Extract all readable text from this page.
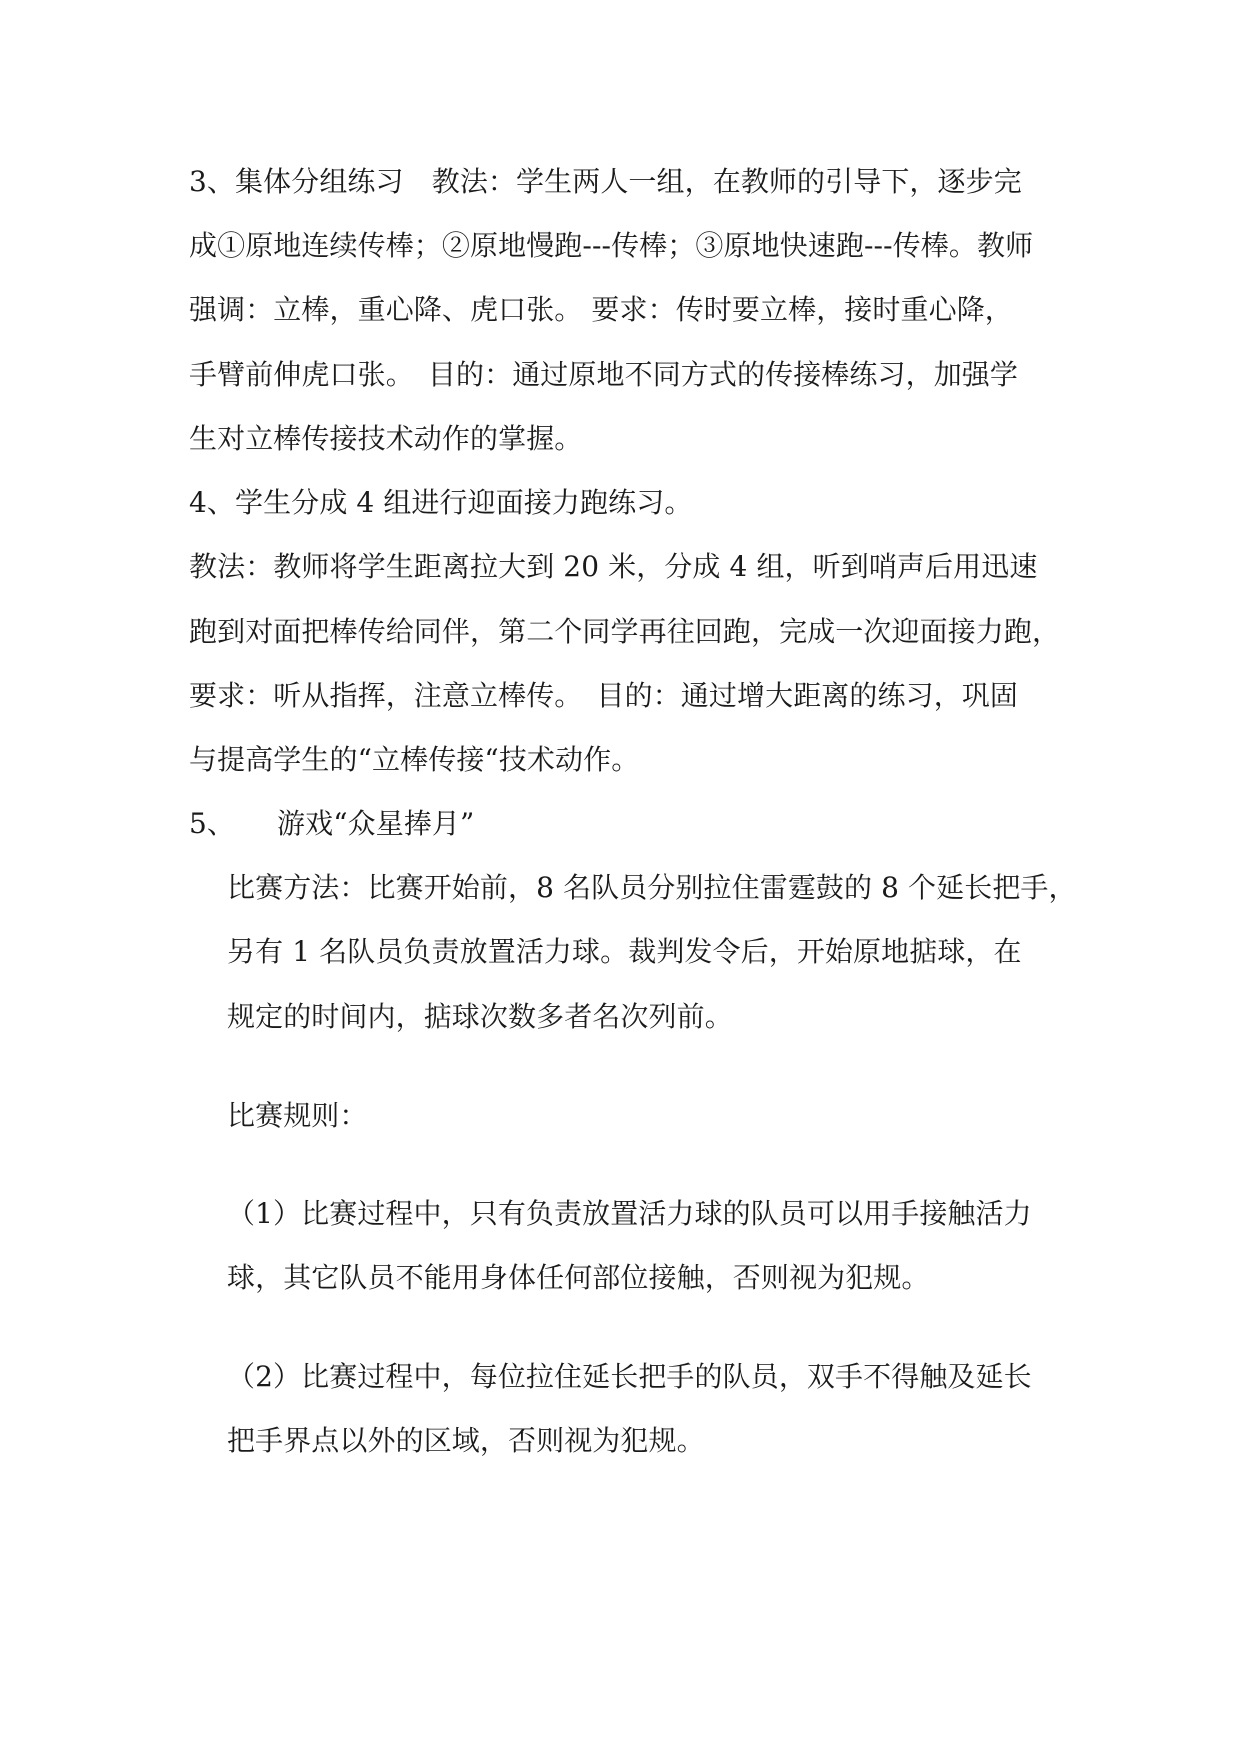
3、集体分组练习　教法：学生两人一组，在教师的引导下，逐步完
成①原地连续传棒；②原地慢跑---传棒；③原地快速跑---传棒。教师
强调：立棒，重心降、虎口张。 要求：传时要立棒，接时重心降，
手臂前伸虎口张。　目的：通过原地不同方式的传接棒练习，加强学
生对立棒传接技术动作的掌握。
4、学生分成 4 组进行迎面接力跑练习。
教法：教师将学生距离拉大到 20 米，分成 4 组，听到哨声后用迅速
跑到对面把棒传给同伴，第二个同学再往回跑，完成一次迎面接力跑，
要求：听从指挥，注意立棒传。　目的：通过增大距离的练习，巩固
与提高学生的“立棒传接“技术动作。
5、 游戏“众星捧月”
比赛方法：比赛开始前，8 名队员分别拉住雷霆鼓的 8 个延长把手，
另有 1 名队员负责放置活力球。裁判发令后，开始原地掂球，在
规定的时间内，掂球次数多者名次列前。
比赛规则：
（1）比赛过程中，只有负责放置活力球的队员可以用手接触活力
球，其它队员不能用身体任何部位接触，否则视为犯规。
（2）比赛过程中，每位拉住延长把手的队员，双手不得触及延长
把手界点以外的区域，否则视为犯规。
